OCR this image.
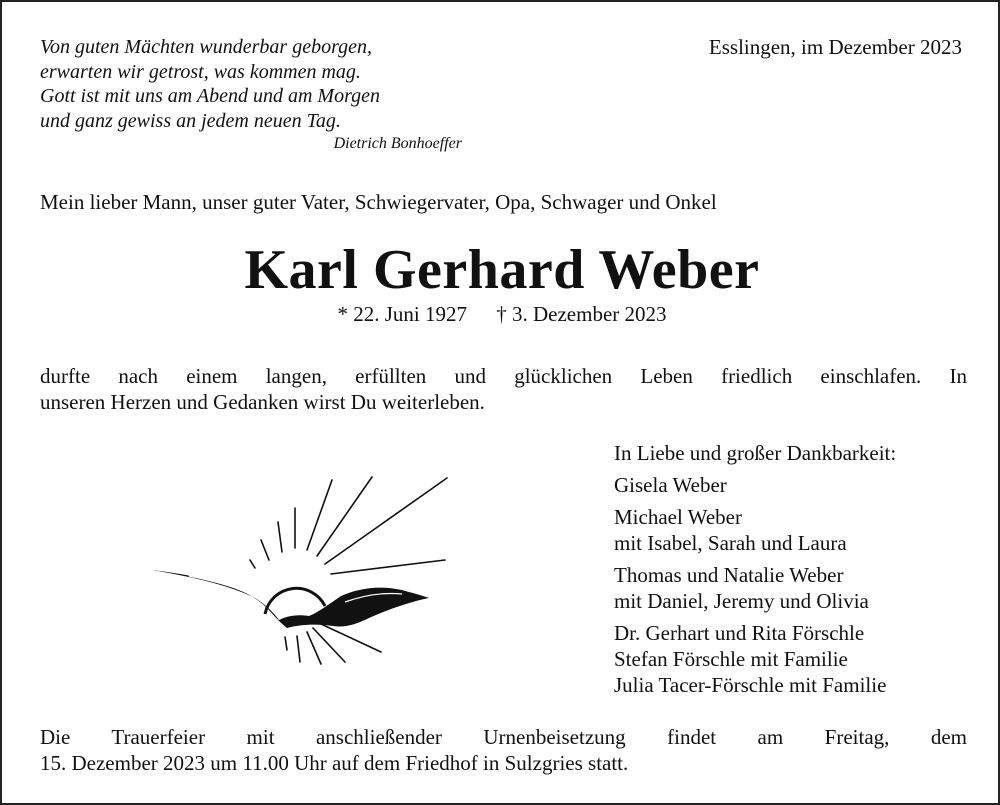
Von guten Mächten wunderbar geborgen,
erwarten wir getrost, was kommen mag.
Gott ist mit uns am Abend und am Morgen
und ganz gewiss an jedem neuen Tag.
Dietrich Bonhoeffer
Esslingen, im Dezember 2023
Mein lieber Mann, unser guter Vater, Schwiegervater, Opa, Schwager und Onkel
Karl Gerhard Weber
* 22. Juni 1927 † 3. Dezember 2023
durfte nach einem langen, erfüllten und glücklichen Leben friedlich einschlafen. In
unseren Herzen und Gedanken wirst Du weiterleben.
In Liebe und großer Dankbarkeit:
Gisela Weber
Michael Weber
mit Isabel, Sarah und Laura
Thomas und Natalie Weber
mit Daniel, Jeremy und Olivia
Dr. Gerhart und Rita Förschle
Stefan Förschle mit Familie
Julia Tacer-Förschle mit Familie
Die Trauerfeier mit anschließender Urnenbeisetzung findet am Freitag, dem
15. Dezember 2023 um 11.00 Uhr auf dem Friedhof in Sulzgries statt.
